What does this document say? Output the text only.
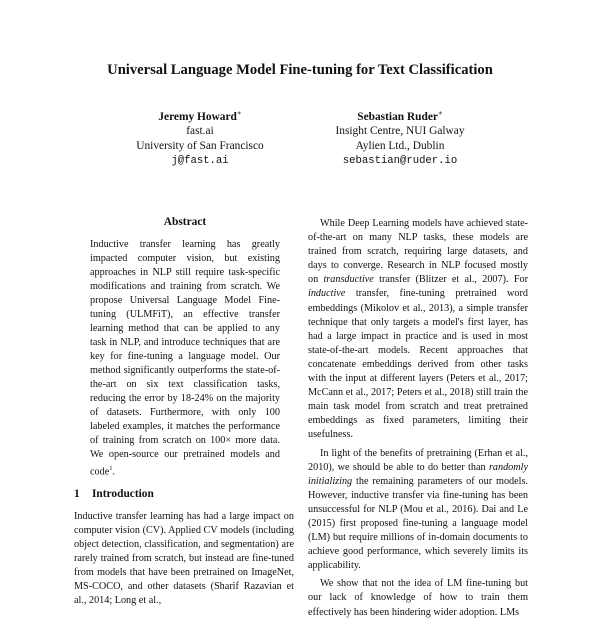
Universal Language Model Fine-tuning for Text Classification
Jeremy Howard∗
fast.ai
University of San Francisco
j@fast.ai
Sebastian Ruder∗
Insight Centre, NUI Galway
Aylien Ltd., Dublin
sebastian@ruder.io
Abstract
Inductive transfer learning has greatly impacted computer vision, but existing approaches in NLP still require task-specific modifications and training from scratch. We propose Universal Language Model Fine-tuning (ULMFiT), an effective transfer learning method that can be applied to any task in NLP, and introduce techniques that are key for fine-tuning a language model. Our method significantly outperforms the state-of-the-art on six text classification tasks, reducing the error by 18-24% on the majority of datasets. Furthermore, with only 100 labeled examples, it matches the performance of training from scratch on 100× more data. We open-source our pretrained models and code$^1$.
1 Introduction
Inductive transfer learning has had a large impact on computer vision (CV). Applied CV models (including object detection, classification, and segmentation) are rarely trained from scratch, but instead are fine-tuned from models that have been pretrained on ImageNet, MS-COCO, and other datasets (Sharif Razavian et al., 2014; Long et al.,

While Deep Learning models have achieved state-of-the-art on many NLP tasks, these models are trained from scratch, requiring large datasets, and days to converge. Research in NLP focused mostly on transductive transfer (Blitzer et al., 2007). For inductive transfer, fine-tuning pretrained word embeddings (Mikolov et al., 2013), a simple transfer technique that only targets a model's first layer, has had a large impact in practice and is used in most state-of-the-art models. Recent approaches that concatenate embeddings derived from other tasks with the input at different layers (Peters et al., 2017; McCann et al., 2017; Peters et al., 2018) still train the main task model from scratch and treat pretrained embeddings as fixed parameters, limiting their usefulness.

In light of the benefits of pretraining (Erhan et al., 2010), we should be able to do better than randomly initializing the remaining parameters of our models. However, inductive transfer via fine-tuning has been unsuccessful for NLP (Mou et al., 2016). Dai and Le (2015) first proposed fine-tuning a language model (LM) but require millions of in-domain documents to achieve good performance, which severely limits its applicability.

We show that not the idea of LM fine-tuning but our lack of knowledge of how to train them effectively has been hindering wider adoption. LMs
